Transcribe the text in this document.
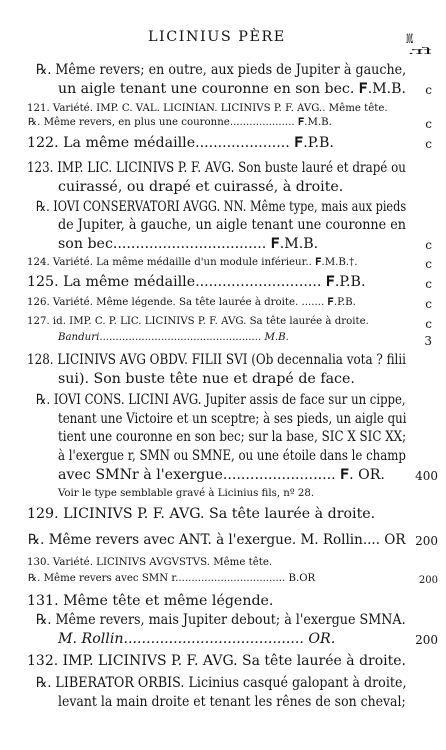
LICINIUS PÈRE	201
fr.
℞. Même revers; en outre, aux pieds de Jupiter à gauche,
un aigle tenant une couronne en son bec. 𝐅.M.B.
121. Variété. IMP. C. VAL. LICINIAN. LICINIVS P. F. AVG.. Même tête.
℞. Même revers, en plus une couronne.................... 𝐅.M.B.
122. La même médaille..................... 𝐅.P.B.
123. IMP. LIC. LICINIVS P. F. AVG. Son buste lauré et drapé ou
cuirassé, ou drapé et cuirassé, à droite.
℞. IOVI CONSERVATORI AVGG. NN. Même type, mais aux pieds
de Jupiter, à gauche, un aigle tenant une couronne en
son bec.................................. 𝐅.M.B.
124. Variété. La même médaille d'un module inférieur.. 𝐅.M.B.†.
125. La même médaille............................ 𝐅.P.B.
126. Variété. Même légende. Sa tête laurée à droite. ....... 𝐅.P.B.
127. id. IMP. C. P. LIC. LICINIVS P. F. AVG. Sa tête laurée à droite.
Banduri.................................................. M.B.
128. LICINIVS AVG OBDV. FILII SVI (Ob decennalia vota ? filii
sui). Son buste tête nue et drapé de face.
℞. IOVI CONS. LICINI AVG. Jupiter assis de face sur un cippe,
tenant une Victoire et un sceptre; à ses pieds, un aigle qui
tient une couronne en son bec; sur la base, SIC X SIC XX;
à l'exergue r, SMN ou SMNE, ou une étoile dans le champ
avec SMNr à l'exergue......................... 𝐅. OR.
Voir le type semblable gravé à Licinius fils, nº 28.
129. LICINIVS P. F. AVG. Sa tête laurée à droite.
℞. Même revers avec ANT. à l'exergue. M. Rollin.... OR
130. Variété. LICINIVS AVGVSTVS. Même tête.
℞. Même revers avec SMN r.................................. B.OR
131. Même tête et même légende.
℞. Même revers, mais Jupiter debout; à l'exergue SMNA.
M. Rollin........................................ OR.
132. IMP. LICINIVS P. F. AVG. Sa tête laurée à droite.
℞. LIBERATOR ORBIS. Licinius casqué galopant à droite,
levant la main droite et tenant les rênes de son cheval;
c
c
c
c
c
c
c
c
3
400
200
200
200
